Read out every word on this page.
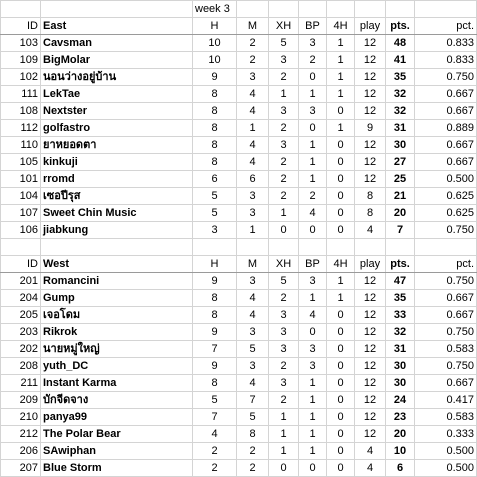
		week 3							
ID	East	H	M	XH	BP	4H	play	pts.	pct.
103	Cavsman	10	2	5	3	1	12	48	0.833
109	BigMolar	10	2	3	2	1	12	41	0.833
102	นอนว่างอยู่บ้าน	9	3	2	0	1	12	35	0.750
111	LekTae	8	4	1	1	1	12	32	0.667
108	Nextster	8	4	3	3	0	12	32	0.667
112	golfastro	8	1	2	0	1	9	31	0.889
110	ยาหยอดตา	8	4	3	1	0	12	30	0.667
105	kinkuji	8	4	2	1	0	12	27	0.667
101	rromd	6	6	2	1	0	12	25	0.500
104	เซอปีรุส	5	3	2	2	0	8	21	0.625
107	Sweet Chin Music	5	3	1	4	0	8	20	0.625
106	jiabkung	3	1	0	0	0	4	7	0.750

ID	West	H	M	XH	BP	4H	play	pts.	pct.
201	Romancini	9	3	5	3	1	12	47	0.750
204	Gump	8	4	2	1	1	12	35	0.667
205	เจอโดม	8	4	3	4	0	12	33	0.667
203	Rikrok	9	3	3	0	0	12	32	0.750
202	นายหมู่ใหญ่	7	5	3	3	0	12	31	0.583
208	yuth_DC	9	3	2	3	0	12	30	0.750
211	Instant Karma	8	4	3	1	0	12	30	0.667
209	บักจีดจาง	5	7	2	1	0	12	24	0.417
210	panya99	7	5	1	1	0	12	23	0.583
212	The Polar Bear	4	8	1	1	0	12	20	0.333
206	SAwiphan	2	2	1	1	0	4	10	0.500
207	Blue Storm	2	2	0	0	0	4	6	0.500
